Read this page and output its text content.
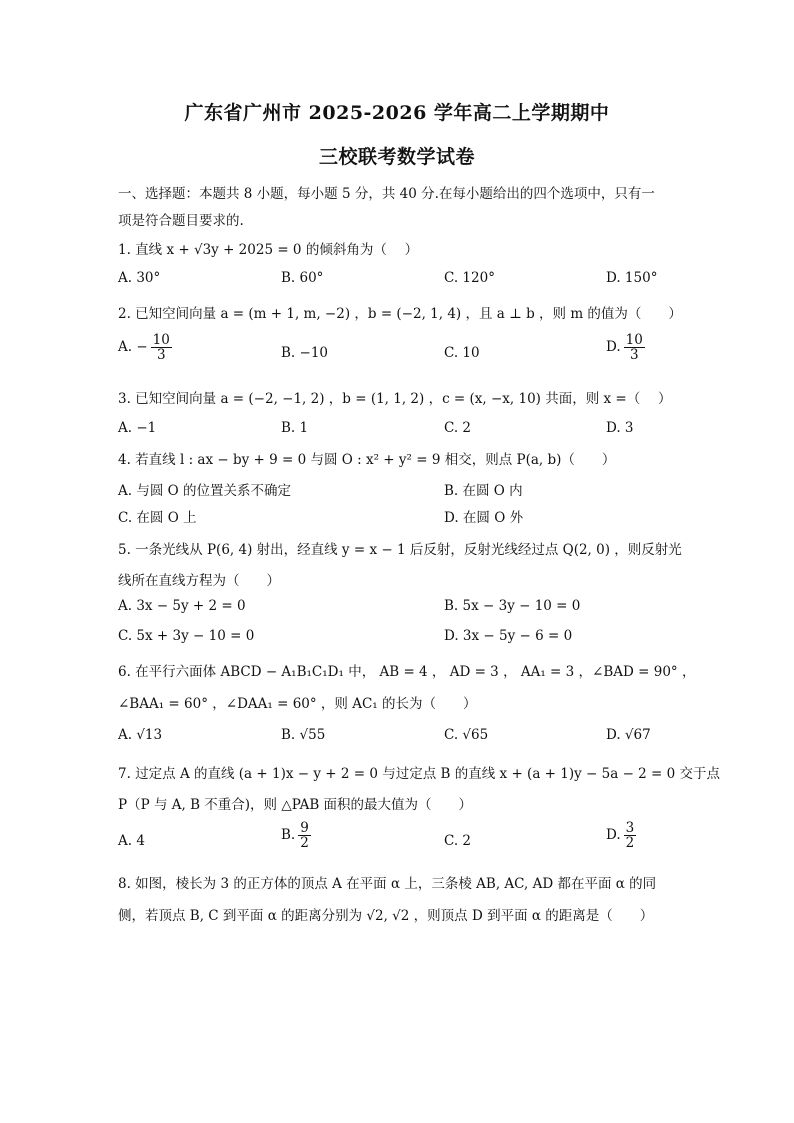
广东省广州市 2025-2026 学年高二上学期期中
三校联考数学试卷
一、选择题：本题共 8 小题，每小题 5 分，共 40 分.在每小题给出的四个选项中，只有一
项是符合题目要求的.
1. 直线 x + √3y + 2025 = 0 的倾斜角为（　 ）
A. 30°	B. 60°	C. 120°	D. 150°
2. 已知空间向量 a = (m + 1, m, −2) ，b = (−2, 1, 4) ，且 a ⊥ b ，则 m 的值为（　　）
A. − $\frac{10}{3}$	B. −10	C. 10	D. $\frac{10}{3}$
3. 已知空间向量 a = (−2, −1, 2) ，b = (1, 1, 2) ，c = (x, −x, 10) 共面，则 x =（　 ）
A. −1	B. 1	C. 2	D. 3
4. 若直线 l : ax − by + 9 = 0 与圆 O : x² + y² = 9 相交，则点 P(a, b)（　　）
A. 与圆 O 的位置关系不确定	B. 在圆 O 内
C. 在圆 O 上	D. 在圆 O 外
5. 一条光线从 P(6, 4) 射出，经直线 y = x − 1 后反射，反射光线经过点 Q(2, 0) ，则反射光
线所在直线方程为（　　）
A. 3x − 5y + 2 = 0	B. 5x − 3y − 10 = 0
C. 5x + 3y − 10 = 0	D. 3x − 5y − 6 = 0
6. 在平行六面体 ABCD − A₁B₁C₁D₁ 中， AB = 4 ， AD = 3 ， AA₁ = 3 ，∠BAD = 90° ，
∠BAA₁ = 60° ，∠DAA₁ = 60° ，则 AC₁ 的长为（　　）
A. √13	B. √55	C. √65	D. √67
7. 过定点 A 的直线 (a + 1)x − y + 2 = 0 与过定点 B 的直线 x + (a + 1)y − 5a − 2 = 0 交于点
P（P 与 A, B 不重合)，则 △PAB 面积的最大值为（　　）
A. 4	B. $\frac{9}{2}$	C. 2	D. $\frac{3}{2}$
8. 如图，棱长为 3 的正方体的顶点 A 在平面 α 上，三条棱 AB, AC, AD 都在平面 α 的同
侧，若顶点 B, C 到平面 α 的距离分别为 √2, √2 ，则顶点 D 到平面 α 的距离是（　　）
